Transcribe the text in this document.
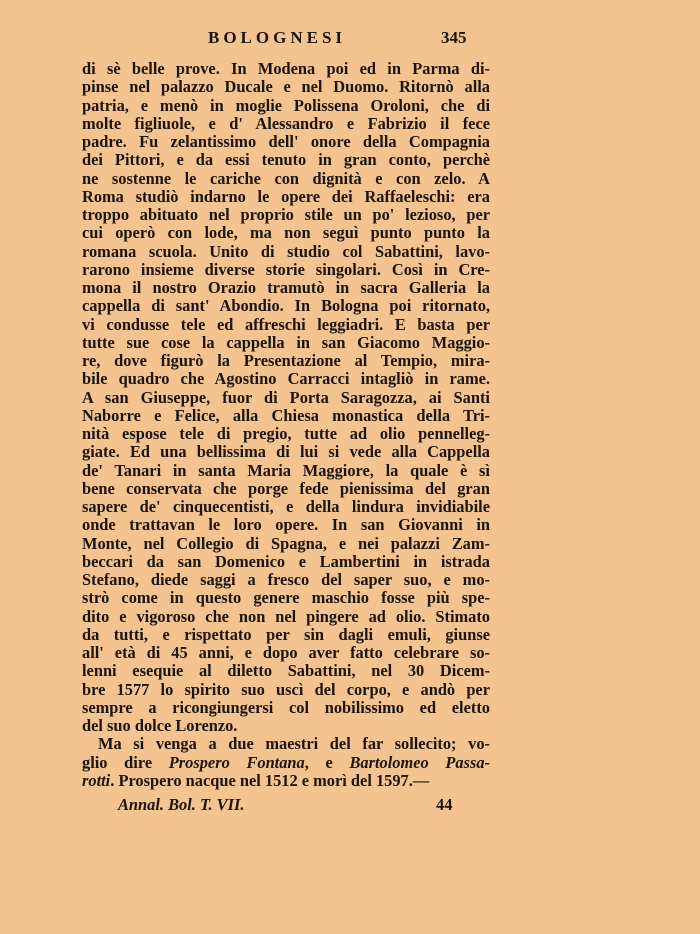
BOLOGNESI	345
di sè belle prove. In Modena poi ed in Parma di-
pinse nel palazzo Ducale e nel Duomo. Ritornò alla
patria, e menò in moglie Polissena Oroloni, che di
molte figliuole, e d' Alessandro e Fabrizio il fece
padre. Fu zelantissimo dell' onore della Compagnia
dei Pittori, e da essi tenuto in gran conto, perchè
ne sostenne le cariche con dignità e con zelo. A
Roma studiò indarno le opere dei Raffaeleschi: era
troppo abituato nel proprio stile un po' lezioso, per
cui operò con lode, ma non seguì punto punto la
romana scuola. Unito di studio col Sabattini, lavo-
rarono insieme diverse storie singolari. Così in Cre-
mona il nostro Orazio tramutò in sacra Galleria la
cappella di sant' Abondio. In Bologna poi ritornato,
vi condusse tele ed affreschi leggiadri. E basta per
tutte sue cose la cappella in san Giacomo Maggio-
re, dove figurò la Presentazione al Tempio, mira-
bile quadro che Agostino Carracci intagliò in rame.
A san Giuseppe, fuor di Porta Saragozza, ai Santi
Naborre e Felice, alla Chiesa monastica della Tri-
nità espose tele di pregio, tutte ad olio pennelleg-
giate. Ed una bellissima di lui si vede alla Cappella
de' Tanari in santa Maria Maggiore, la quale è sì
bene conservata che porge fede pienissima del gran
sapere de' cinquecentisti, e della lindura invidiabile
onde trattavan le loro opere. In san Giovanni in
Monte, nel Collegio di Spagna, e nei palazzi Zam-
beccari da san Domenico e Lambertini in istrada
Stefano, diede saggi a fresco del saper suo, e mo-
strò come in questo genere maschio fosse più spe-
dito e vigoroso che non nel pingere ad olio. Stimato
da tutti, e rispettato per sin dagli emuli, giunse
all' età di 45 anni, e dopo aver fatto celebrare so-
lenni esequie al diletto Sabattini, nel 30 Dicem-
bre 1577 lo spirito suo uscì del corpo, e andò per
sempre a ricongiungersi col nobilissimo ed eletto
del suo dolce Lorenzo.
Ma si venga a due maestri del far sollecito; vo-
glio dire Prospero Fontana, e Bartolomeo Passa-
rotti. Prospero nacque nel 1512 e morì del 1597.—
Annal. Bol. T. VII.	44
